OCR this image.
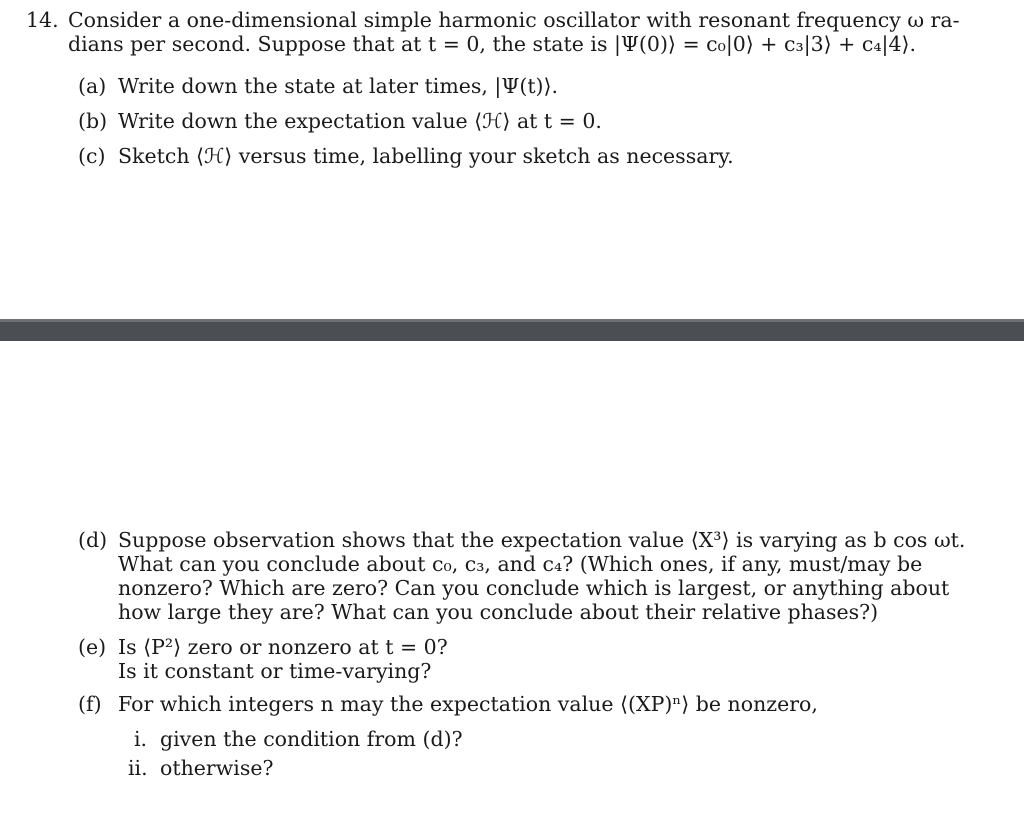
14. Consider a one-dimensional simple harmonic oscillator with resonant frequency ω ra-
dians per second. Suppose that at t = 0, the state is |Ψ(0)⟩ = c₀|0⟩ + c₃|3⟩ + c₄|4⟩.
(a) Write down the state at later times, |Ψ(t)⟩.
(b) Write down the expectation value ⟨ℋ⟩ at t = 0.
(c) Sketch ⟨ℋ⟩ versus time, labelling your sketch as necessary.
(d) Suppose observation shows that the expectation value ⟨X³⟩ is varying as b cos ωt.
What can you conclude about c₀, c₃, and c₄? (Which ones, if any, must/may be
nonzero? Which are zero? Can you conclude which is largest, or anything about
how large they are? What can you conclude about their relative phases?)
(e) Is ⟨P²⟩ zero or nonzero at t = 0?
Is it constant or time-varying?
(f) For which integers n may the expectation value ⟨(XP)ⁿ⟩ be nonzero,
i. given the condition from (d)?
ii. otherwise?
